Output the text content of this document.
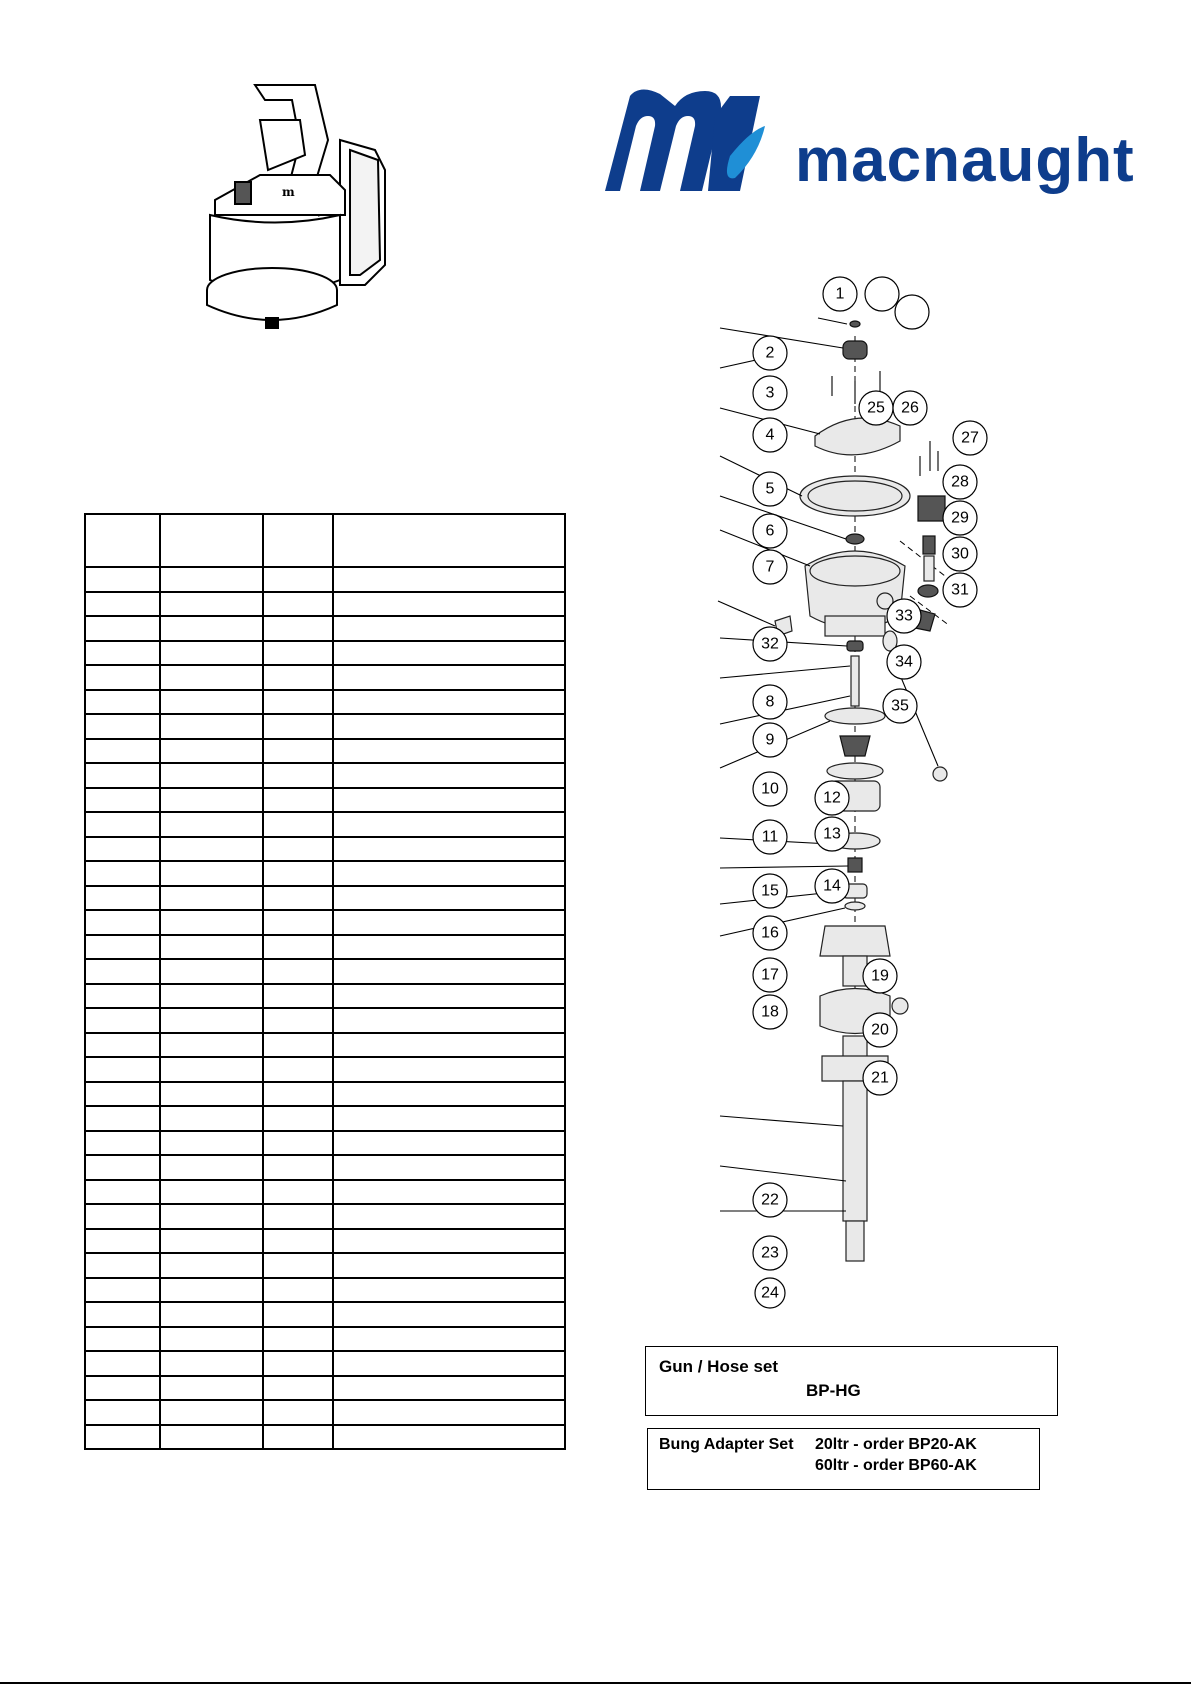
m	macnaught

1
25 26
27
28
29
30
31
33
34
35
12
13
14
19
20
21
2
3
4
5
6
7
32
8
9
10
11
15
16
17
18
22
23
24
Gun / Hose set
BP-HG
Bung Adapter Set 20ltr - order BP20-AK
60ltr - order BP60-AK
